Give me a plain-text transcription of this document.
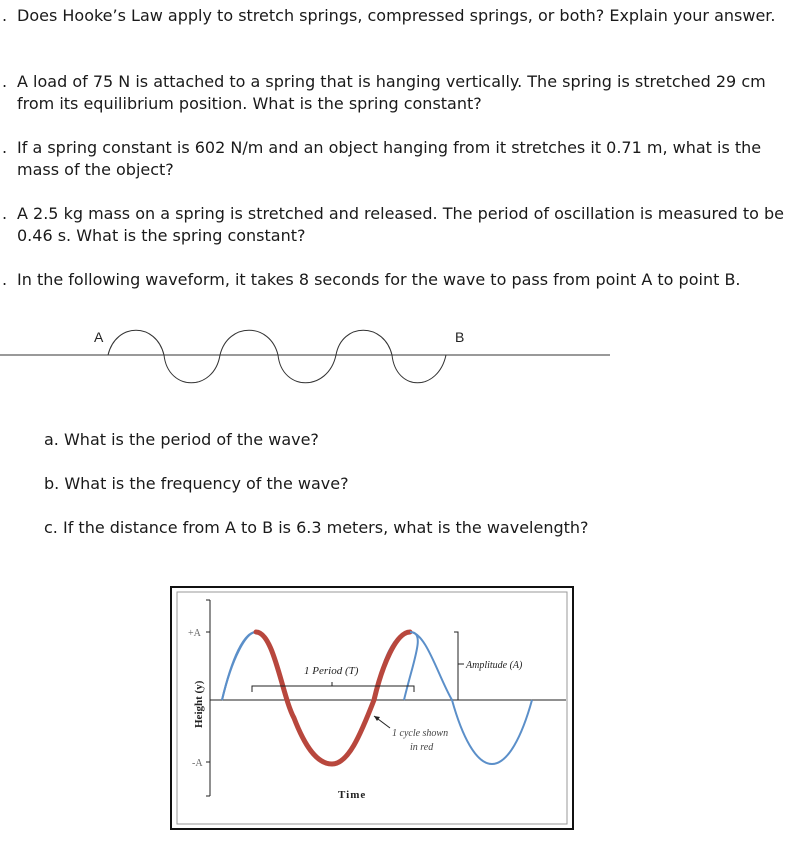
. Does Hooke’s Law apply to stretch springs, compressed springs, or both? Explain your answer.
. A load of 75 N is attached to a spring that is hanging vertically. The spring is stretched 29 cm from its equilibrium position. What is the spring constant?
. If a spring constant is 602 N/m and an object hanging from it stretches it 0.71 m, what is the mass of the object?
. A 2.5 kg mass on a spring is stretched and released. The period of oscillation is measured to be 0.46 s. What is the spring constant?
. In the following waveform, it takes 8 seconds for the wave to pass from point A to point B.
A	B
a. What is the period of the wave?
b. What is the frequency of the wave?
c. If the distance from A to B is 6.3 meters, what is the wavelength?
1 Period (T)	Amplitude (A)
1 cycle shown
in red
+A
-A
Height (y)
Time
